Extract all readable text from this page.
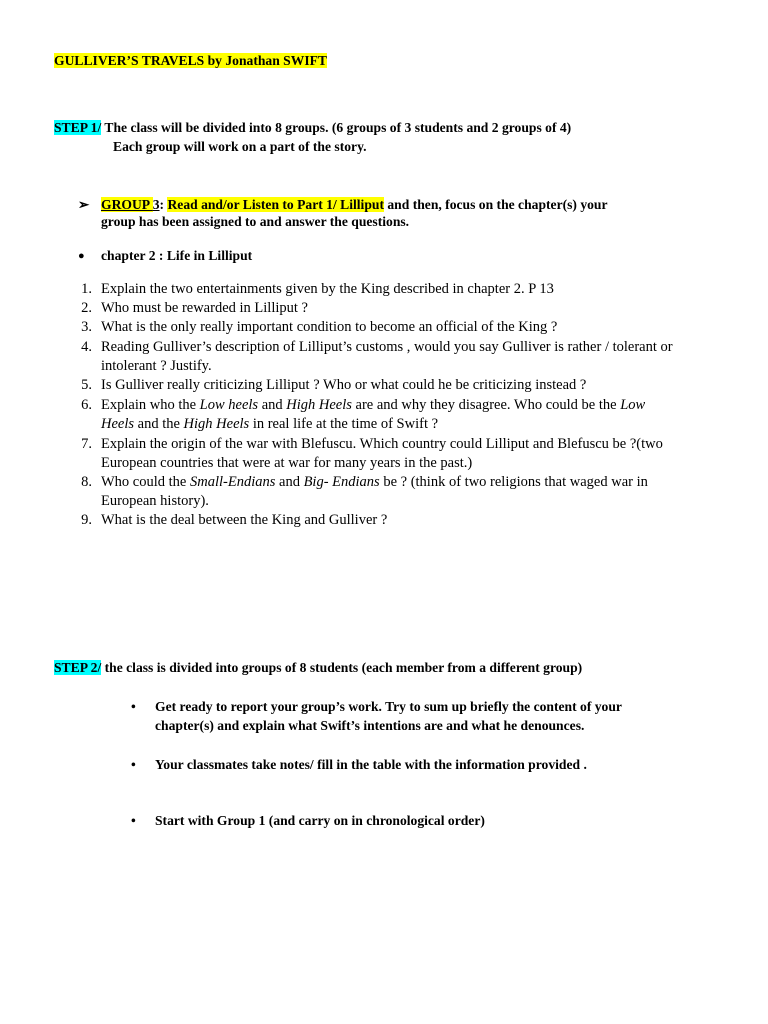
GULLIVER’S TRAVELS by Jonathan SWIFT
STEP 1/ The class will be divided into 8 groups. (6 groups of 3 students and 2 groups of 4)
Each group will work on a part of the story.
➢ GROUP 3: Read and/or Listen to Part 1/ Lilliput and then, focus on the chapter(s) your
group has been assigned to and answer the questions.
● chapter 2 : Life in Lilliput
1. Explain the two entertainments given by the King described in chapter 2. P 13
2. Who must be rewarded in Lilliput ?
3. What is the only really important condition to become an official of the King ?
4. Reading Gulliver’s description of Lilliput’s customs , would you say Gulliver is rather / tolerant or
intolerant ? Justify.
5. Is Gulliver really criticizing Lilliput ? Who or what could he be criticizing instead ?
6. Explain who the Low heels and High Heels are and why they disagree. Who could be the Low
Heels and the High Heels in real life at the time of Swift ?
7. Explain the origin of the war with Blefuscu. Which country could Lilliput and Blefuscu be ?(two
European countries that were at war for many years in the past.)
8. Who could the Small-Endians and Big- Endians be ? (think of two religions that waged war in
European history).
9. What is the deal between the King and Gulliver ?
STEP 2/ the class is divided into groups of 8 students (each member from a different group)
• Get ready to report your group’s work. Try to sum up briefly the content of your
chapter(s) and explain what Swift’s intentions are and what he denounces.
• Your classmates take notes/ fill in the table with the information provided .
• Start with Group 1 (and carry on in chronological order)
